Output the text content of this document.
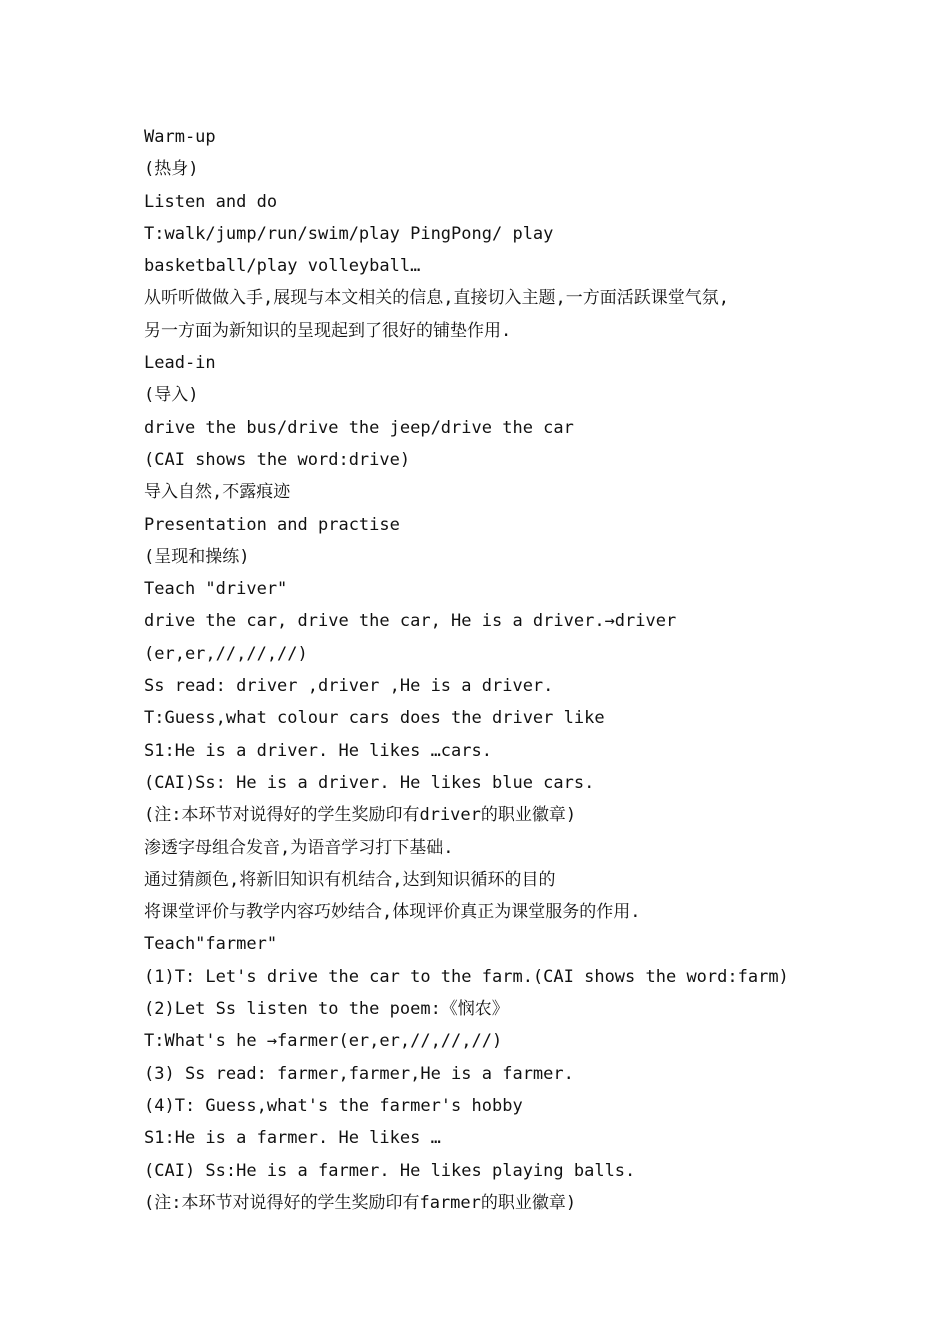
Warm-up
(热身)
Listen and do
T:walk/jump/run/swim/play PingPong/ play
basketball/play volleyball…
从听听做做入手,展现与本文相关的信息,直接切入主题,一方面活跃课堂气氛,
另一方面为新知识的呈现起到了很好的铺垫作用.
Lead-in
(导入)
drive the bus/drive the jeep/drive the car
(CAI shows the word:drive)
导入自然,不露痕迹
Presentation and practise
(呈现和操练)
Teach "driver"
drive the car, drive the car, He is a driver.→driver
(er,er,//,//,//)
Ss read: driver ,driver ,He is a driver.
T:Guess,what colour cars does the driver like
S1:He is a driver. He likes …cars.
(CAI)Ss: He is a driver. He likes blue cars.
(注:本环节对说得好的学生奖励印有driver的职业徽章)
渗透字母组合发音,为语音学习打下基础.
通过猜颜色,将新旧知识有机结合,达到知识循环的目的
将课堂评价与教学内容巧妙结合,体现评价真正为课堂服务的作用.
Teach"farmer"
(1)T: Let's drive the car to the farm.(CAI shows the word:farm)
(2)Let Ss listen to the poem:《悯农》
T:What's he →farmer(er,er,//,//,//)
(3) Ss read: farmer,farmer,He is a farmer.
(4)T: Guess,what's the farmer's hobby
S1:He is a farmer. He likes …
(CAI) Ss:He is a farmer. He likes playing balls.
(注:本环节对说得好的学生奖励印有farmer的职业徽章)
